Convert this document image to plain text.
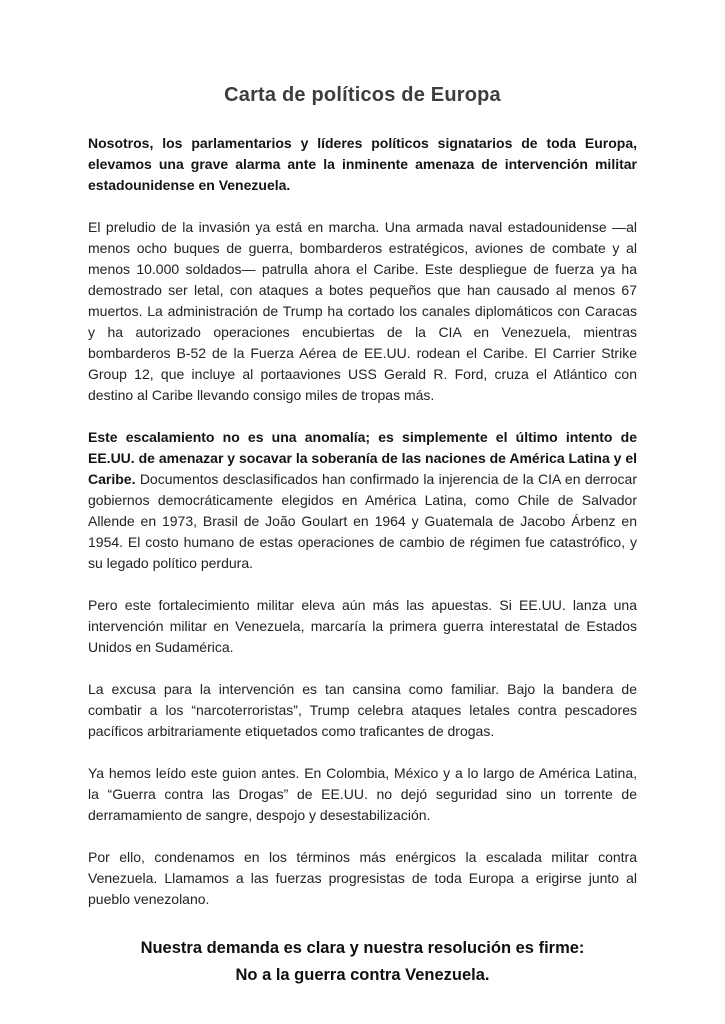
Carta de políticos de Europa

Nosotros, los parlamentarios y líderes políticos signatarios de toda Europa, elevamos una grave alarma ante la inminente amenaza de intervención militar estadounidense en Venezuela.

El preludio de la invasión ya está en marcha. Una armada naval estadounidense —al menos ocho buques de guerra, bombarderos estratégicos, aviones de combate y al menos 10.000 soldados— patrulla ahora el Caribe. Este despliegue de fuerza ya ha demostrado ser letal, con ataques a botes pequeños que han causado al menos 67 muertos. La administración de Trump ha cortado los canales diplomáticos con Caracas y ha autorizado operaciones encubiertas de la CIA en Venezuela, mientras bombarderos B-52 de la Fuerza Aérea de EE.UU. rodean el Caribe. El Carrier Strike Group 12, que incluye al portaaviones USS Gerald R. Ford, cruza el Atlántico con destino al Caribe llevando consigo miles de tropas más.

Este escalamiento no es una anomalía; es simplemente el último intento de EE.UU. de amenazar y socavar la soberanía de las naciones de América Latina y el Caribe. Documentos desclasificados han confirmado la injerencia de la CIA en derrocar gobiernos democráticamente elegidos en América Latina, como Chile de Salvador Allende en 1973, Brasil de João Goulart en 1964 y Guatemala de Jacobo Árbenz en 1954. El costo humano de estas operaciones de cambio de régimen fue catastrófico, y su legado político perdura.

Pero este fortalecimiento militar eleva aún más las apuestas. Si EE.UU. lanza una intervención militar en Venezuela, marcaría la primera guerra interestatal de Estados Unidos en Sudamérica.

La excusa para la intervención es tan cansina como familiar. Bajo la bandera de combatir a los “narcoterroristas”, Trump celebra ataques letales contra pescadores pacíficos arbitrariamente etiquetados como traficantes de drogas.

Ya hemos leído este guion antes. En Colombia, México y a lo largo de América Latina, la “Guerra contra las Drogas” de EE.UU. no dejó seguridad sino un torrente de derramamiento de sangre, despojo y desestabilización.

Por ello, condenamos en los términos más enérgicos la escalada militar contra Venezuela. Llamamos a las fuerzas progresistas de toda Europa a erigirse junto al pueblo venezolano.

Nuestra demanda es clara y nuestra resolución es firme:

No a la guerra contra Venezuela.
